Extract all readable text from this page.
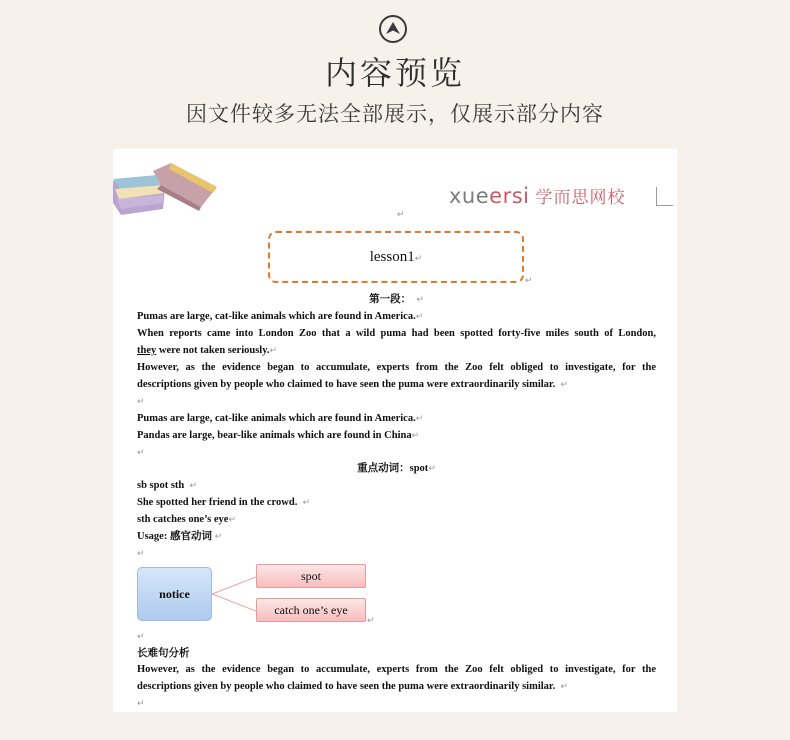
内容预览
因文件较多无法全部展示，仅展示部分内容
xueersi 学而思网校
↵
lesson1↵
↵
第一段： ↵
Pumas are large, cat-like animals which are found in America.↵
When reports came into London Zoo that a wild puma had been spotted forty-five miles south of London,
they were not taken seriously.↵
However, as the evidence began to accumulate, experts from the Zoo felt obliged to investigate, for the
descriptions given by people who claimed to have seen the puma were extraordinarily similar. ↵
↵
Pumas are large, cat-like animals which are found in America.↵
Pandas are large, bear-like animals which are found in China↵
↵
重点动词：spot↵
sb spot sth ↵
She spotted her friend in the crowd. ↵
sth catches one’s eye↵
Usage: 感官动词 ↵
↵
notice
spot
catch one’s eye
↵
↵
长难句分析
However, as the evidence began to accumulate, experts from the Zoo felt obliged to investigate, for the
descriptions given by people who claimed to have seen the puma were extraordinarily similar. ↵
↵
